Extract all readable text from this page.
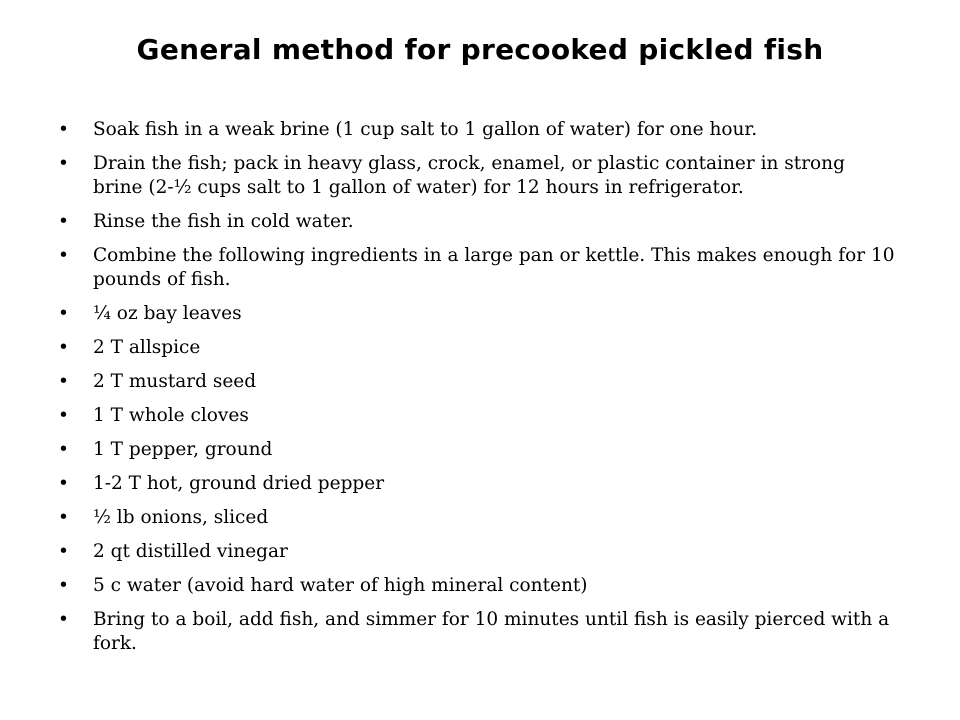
General method for precooked pickled fish
• Soak fish in a weak brine (1 cup salt to 1 gallon of water) for one hour.
• Drain the fish; pack in heavy glass, crock, enamel, or plastic container in strong brine (2-½ cups salt to 1 gallon of water) for 12 hours in refrigerator.
• Rinse the fish in cold water.
• Combine the following ingredients in a large pan or kettle. This makes enough for 10 pounds of fish.
• ¼ oz bay leaves
• 2 T allspice
• 2 T mustard seed
• 1 T whole cloves
• 1 T pepper, ground
• 1-2 T hot, ground dried pepper
• ½ lb onions, sliced
• 2 qt distilled vinegar
• 5 c water (avoid hard water of high mineral content)
• Bring to a boil, add fish, and simmer for 10 minutes until fish is easily pierced with a fork.
